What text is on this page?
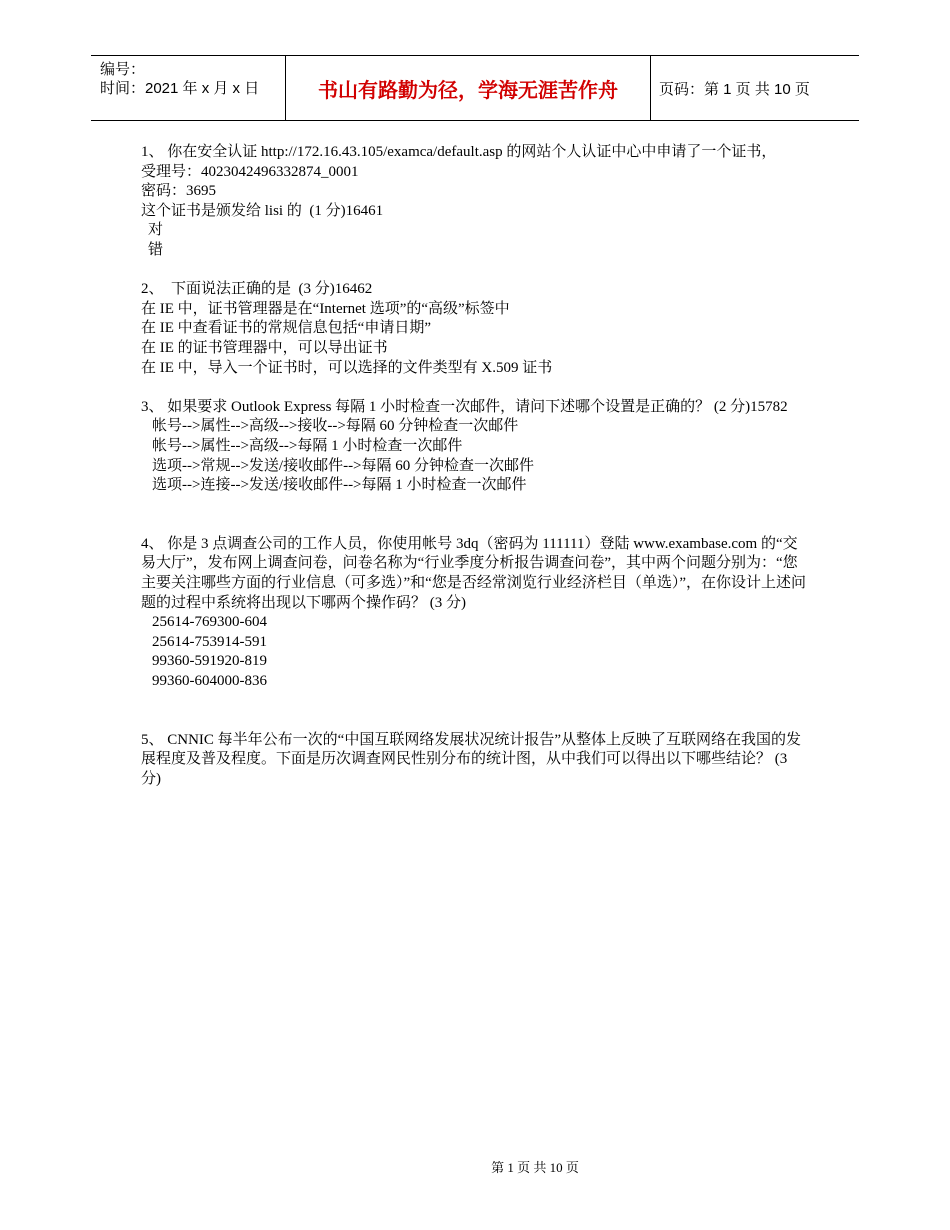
编号：
时间：2021 年 x 月 x 日	书山有路勤为径，学海无涯苦作舟	页码：第 1 页 共 10 页
1、 你在安全认证 http://172.16.43.105/examca/default.asp 的网站个人认证中心中申请了一个证书，
受理号：4023042496332874_0001
密码：3695
这个证书是颁发给 lisi 的  (1 分)16461
对
错
2、  下面说法正确的是  (3 分)16462
在 IE 中，证书管理器是在“Internet 选项”的“高级”标签中
在 IE 中查看证书的常规信息包括“申请日期”
在 IE 的证书管理器中，可以导出证书
在 IE 中，导入一个证书时，可以选择的文件类型有 X.509 证书
3、 如果要求 Outlook Express 每隔 1 小时检查一次邮件，请问下述哪个设置是正确的？ (2 分)15782
帐号-->属性-->高级-->接收-->每隔 60 分钟检查一次邮件
帐号-->属性-->高级-->每隔 1 小时检查一次邮件
选项-->常规-->发送/接收邮件-->每隔 60 分钟检查一次邮件
选项-->连接-->发送/接收邮件-->每隔 1 小时检查一次邮件
4、 你是 3 点调查公司的工作人员，你使用帐号 3dq（密码为 111111）登陆 www.exambase.com 的“交易大厅”，发布网上调查问卷，问卷名称为“行业季度分析报告调查问卷”，其中两个问题分别为：“您主要关注哪些方面的行业信息（可多选）”和“您是否经常浏览行业经济栏目（单选）”，在你设计上述问题的过程中系统将出现以下哪两个操作码？ (3 分)
25614-769300-604
25614-753914-591
99360-591920-819
99360-604000-836
5、 CNNIC 每半年公布一次的“中国互联网络发展状况统计报告”从整体上反映了互联网络在我国的发展程度及普及程度。下面是历次调查网民性别分布的统计图，从中我们可以得出以下哪些结论？ (3 分)
第 1 页 共 10 页
